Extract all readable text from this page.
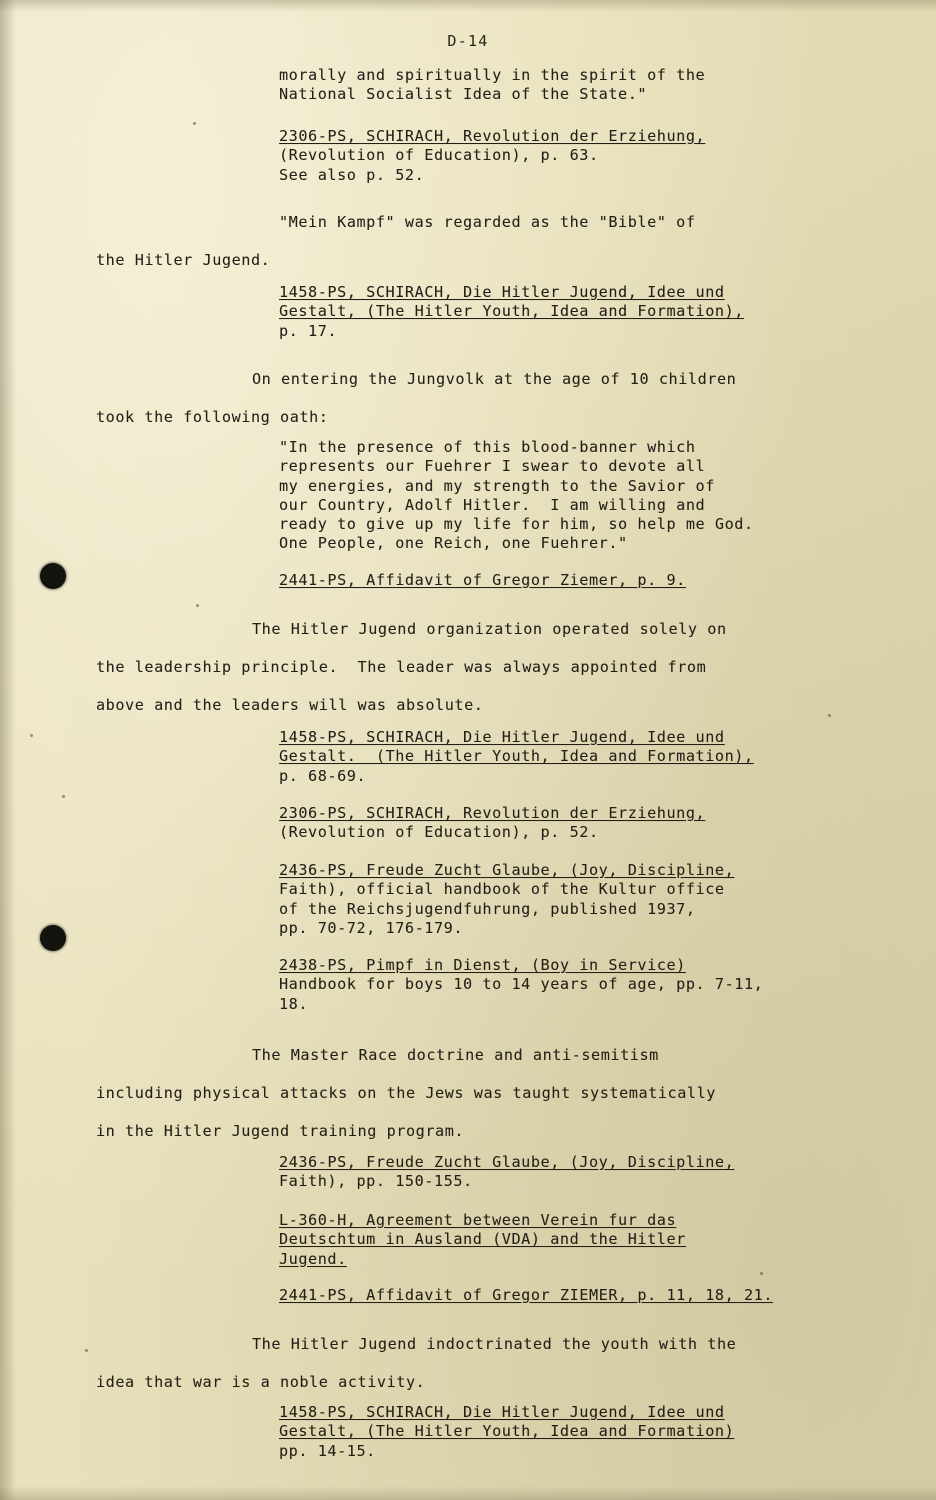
D-14
morally and spiritually in the spirit of the
National Socialist Idea of the State."
2306-PS, SCHIRACH, Revolution der Erziehung,
(Revolution of Education), p. 63.
See also p. 52.
"Mein Kampf" was regarded as the "Bible" of
the Hitler Jugend.
1458-PS, SCHIRACH, Die Hitler Jugend, Idee und
Gestalt, (The Hitler Youth, Idea and Formation),
p. 17.
On entering the Jungvolk at the age of 10 children
took the following oath:
"In the presence of this blood-banner which
represents our Fuehrer I swear to devote all
my energies, and my strength to the Savior of
our Country, Adolf Hitler.  I am willing and
ready to give up my life for him, so help me God.
One People, one Reich, one Fuehrer."
2441-PS, Affidavit of Gregor Ziemer, p. 9.
The Hitler Jugend organization operated solely on
the leadership principle.  The leader was always appointed from
above and the leaders will was absolute.
1458-PS, SCHIRACH, Die Hitler Jugend, Idee und
Gestalt.  (The Hitler Youth, Idea and Formation),
p. 68-69.
2306-PS, SCHIRACH, Revolution der Erziehung,
(Revolution of Education), p. 52.
2436-PS, Freude Zucht Glaube, (Joy, Discipline,
Faith), official handbook of the Kultur office
of the Reichsjugendfuhrung, published 1937,
pp. 70-72, 176-179.
2438-PS, Pimpf in Dienst, (Boy in Service)
Handbook for boys 10 to 14 years of age, pp. 7-11,
18.
The Master Race doctrine and anti-semitism
including physical attacks on the Jews was taught systematically
in the Hitler Jugend training program.
2436-PS, Freude Zucht Glaube, (Joy, Discipline,
Faith), pp. 150-155.
L-360-H, Agreement between Verein fur das
Deutschtum in Ausland (VDA) and the Hitler
Jugend.
2441-PS, Affidavit of Gregor ZIEMER, p. 11, 18, 21.
The Hitler Jugend indoctrinated the youth with the
idea that war is a noble activity.
1458-PS, SCHIRACH, Die Hitler Jugend, Idee und
Gestalt, (The Hitler Youth, Idea and Formation)
pp. 14-15.
